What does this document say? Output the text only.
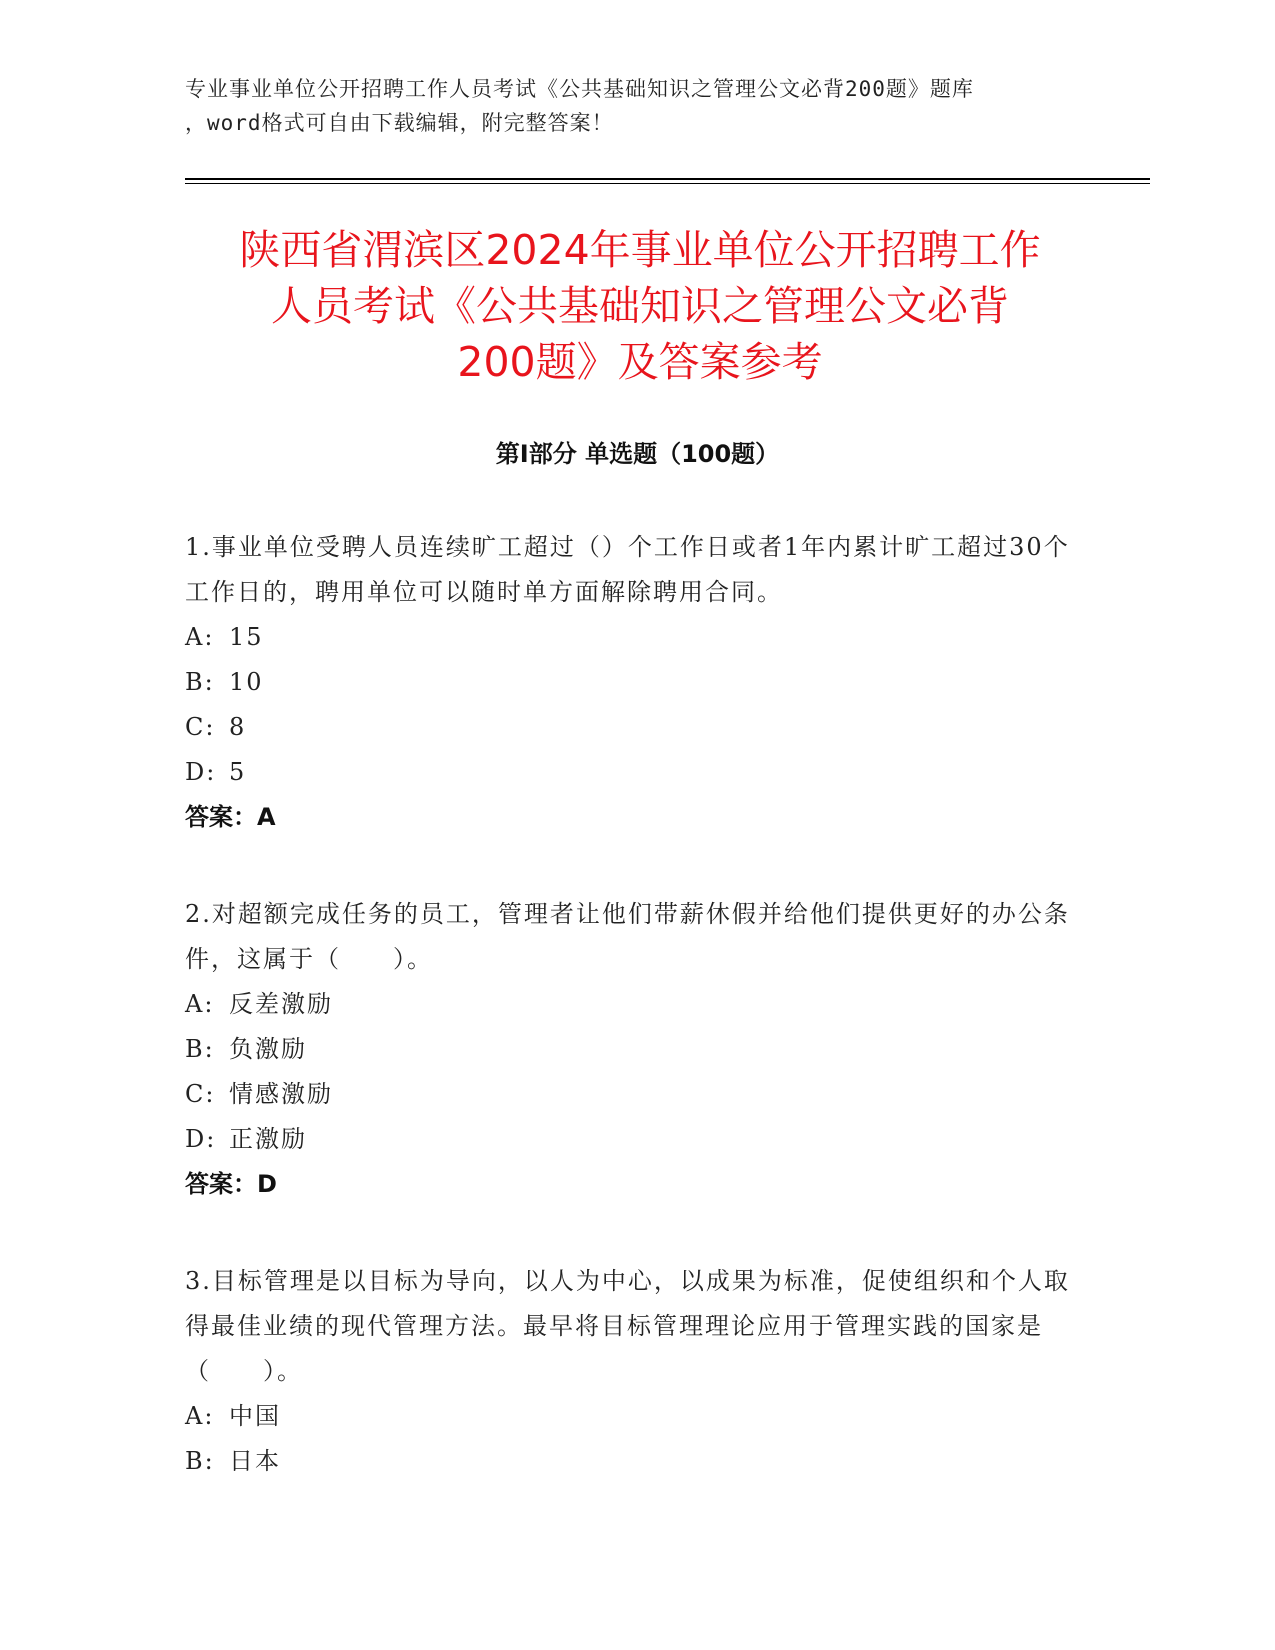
专业事业单位公开招聘工作人员考试《公共基础知识之管理公文必背200题》题库
，word格式可自由下载编辑，附完整答案！
陕西省渭滨区2024年事业单位公开招聘工作
人员考试《公共基础知识之管理公文必背
200题》及答案参考
第Ⅰ部分 单选题（100题）
1.事业单位受聘人员连续旷工超过（）个工作日或者1年内累计旷工超过30个工作日的，聘用单位可以随时单方面解除聘用合同。
A: 15
B: 10
C: 8
D: 5
答案：A
2.对超额完成任务的员工，管理者让他们带薪休假并给他们提供更好的办公条件，这属于（　　）。
A: 反差激励
B: 负激励
C: 情感激励
D: 正激励
答案：D
3.目标管理是以目标为导向，以人为中心，以成果为标准，促使组织和个人取得最佳业绩的现代管理方法。最早将目标管理理论应用于管理实践的国家是（　　）。
A: 中国
B: 日本
